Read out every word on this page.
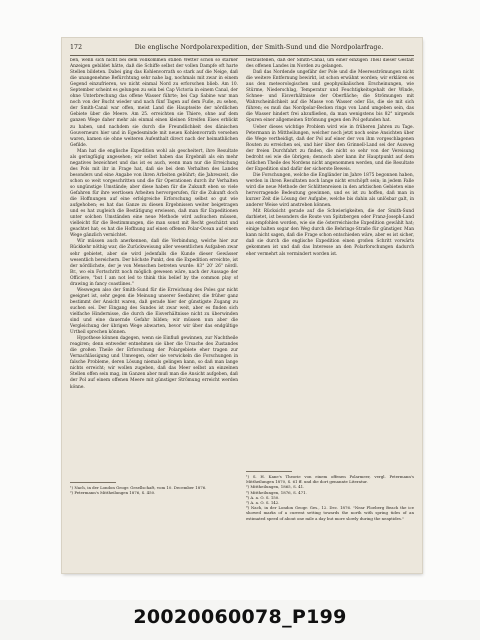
172	Die englische Nordpolarexpedition, der Smith-Sund und die Nordpolarfrage.

ben, wenn sich nicht bei dem vollkommen stillen Wetter schon so starker Anzeigen gebildet hätte, daß die Schiffe selbst der vollen Dampfe oft harte Stellen bildeten. Dabei ging das Kohlenvorrath so stark auf die Neige, daß die unangenehme Befürchtung sehr nahe lag, nochmals mit zwar in einem Gegend einzufrieren, wo nicht einmal Nord zu erforschen blieb. Am 10. September scheint es gelungen zu sein bei Cap Victoria in einem Canal, der ohne Unterbrechung das offene Wasser führte; bei Cap Sabine war man noch von der Bucht wieder und nach fünf Tagen auf dem Fuße, zu sehen, der Smith-Canal war offen, meist Land die Hauptseite der nördlichen Gebiete über die Meere. Am 25. erreichten sie Thiere, ohne auf dem ganzen Wege daher mehr als einmal einen kleinen Streifen Eises erblickt zu haben, und nachdem sie durch die Freundlichkeit des dänischen Gouverneurs hier und in Egedesminde mit neuen Kohlenvorrath versehen waren, kamen sie ohne weiteren Aufenthalt direct nach der heimathlichen Gefilde.

Man hat die englische Expedition wohl als gescheitert, ihre Resultate als geringfügig angesehen; wir selbst haben das Ergebniß als ein mehr negatives bezeichnet und das ist es auch, wenn man nur die Erreichung des Pols mit ihr in Frage hat, daß sie bei dem Verhalten des Landes besonders und eine Angabe von ihren Arbeiten gebührt; die Jahreszeit, die schon so weit vorgeschritten und die für Operationen durch ihr Verhalten so ungünstige Umstände; aber diese haben für die Zukunft eben so viele Gefahren für ihre wertlosen Arbeiten hervorgerufen, für die Zukunft doch die Hoffnungen auf eine erfolgreiche Erforschung selbst so gut wie aufgehoben; es hat das Ganze zu diesen Ergebnissen weiter beigetragen und es hat zugleich die Bestätigung erwiesen, daß man für Expeditionen unter solchen Umständen eine neue Methode wird aufsuchen müssen, vielleicht für die Bestimmungen, die man sonst mit Recht geschätzt und geachtet hat; es hat die Hoffnung auf einen offenen Polar-Ocean auf einem Wege gänzlich vernichtet.

Wir müssen auch anerkennen, daß die Verbindung, welche hier zur Rückkehr nöthig war, die Zurückweisung aller wesentlichen Aufgaben zwar sehr gebietet, aber sie wird jedenfalls die Kunde dieser Gewässer wesentlich bereichern. Der höchste Punkt, den die Expedition erreichte, ist der nördlichste, der je von Menschen betreten wurde: 83° 20' 26" nördl. Br., wo ein Fortschritt noch möglich gewesen wäre, nach der Aussage der Officiere, "but I am not led to think this belief by the common play of drawing in fancy coastlines."

Weswegen also der Smith-Sund für die Erreichung des Poles gar nicht geeignet ist, sehr gegen die Meinung unserer Seefahrer, die früher ganz bestimmt der Ansicht waren, daß gerade hier der günstigste Zugang zu suchen sei. Der Eingang des Sundes ist zwar weit, aber es finden sich vielfache Hindernisse, die durch die Eisverhältnisse nicht zu überwinden sind und eine dauernde Gefahr bilden; wir müssen nun aber die Vergleichung der übrigen Wege abwarten, bevor wir über das endgültige Urtheil sprechen können.

Hypothese können dagegen, wenn sie Einfluß gewinnen, zur Nachtheile reagiren; denn entweder entnehmen sie über die Ursache des Zustandes die großen Theile der Erforschung der Polargebiete eher tragen zur Vernachlässigung und Umwegen, oder sie verwickeln die Forschungen in falsche Probleme, deren Lösung niemals gelingen kann, so daß man lange nichts erreicht; wir wollen zugeben, daß das Meer selbst an einzelnen Stellen offen sein mag, im Ganzen aber muß man die Ansicht aufgeben, daß der Pol auf einem offenen Meere mit günstiger Strömung erreicht werden könne.

¹) Nach, in der London Geogr. Gesellschaft, vom 10. December 1876.

²) Petermann's Mittheilungen 1876, S. 450.

festzustellen, daß der Smith-Canal, um einer einzigen Theil dieser Gestalt des offenen Landes im Norden zu gelangen.

Daß das Nordende ungefähr der Pole und die Meeresströmungen nicht die weitere Entfernung bewirkt, ist schon erwähnt worden; wir erklären es aus den meteorologischen und geophysikalischen Erscheinungen, wie Stürme, Niederschlag, Temperatur und Feuchtigkeitsgehalt der Winde, Schnee- und Eisverhältnisse der Oberfläche; die Strömungen mit Wahrscheinlichkeit auf die Masse von Wasser oder Eis, die sie mit sich führen; es muß das Nordpolar-Becken rings von Land umgeben sein, das die Wasser hindert frei abzufließen, da man wenigstens bis 82° nirgends Spuren einer allgemeinen Strömung gegen den Pol gefunden hat.

Ueber dieses wichtige Problem wird wie in früheren Jahren zu Tage. Petermann in Mittheilungen, welcher noch jetzt noch seine Ansichten über die Wege vertheidigt, daß der Pol auf einer der von ihm vorgeschlagenen Routen zu erreichen sei, und hier über den Grinnell-Land sei der Ausweg der freien Durchfahrt zu finden, die nicht so sehr von der Vereisung bedroht sei wie die übrigen; dennoch aber kann ihr Hauptpunkt auf dem östlichen Theile des Nordens nicht angenommen werden, und die Resultate der Expedition sind dafür der sicherste Beweis.

Die Forschungen, welche die Engländer im Jahre 1875 begonnen haben, werden in ihren Resultaten noch lange nicht erschöpft sein; in jedem Falle wird die neue Methode der Schlittenreisen in den arktischen Gebieten eine hervorragende Bedeutung gewinnen, und es ist zu hoffen, daß man in kurzer Zeit die Lösung der Aufgabe, welche bis dahin als unlösbar galt, in anderer Weise wird anstreben können.

Mit Rücksicht gerade auf die Schwierigkeiten, die der Smith-Sund darbietet, ist besonders die Route von Spitzbergen oder Franz-Joseph-Land aus empfohlen worden, wie sie die österreichische Expedition gewählt hat; einige halten sogar den Weg durch die Behrings-Straße für günstiger. Man kann nicht sagen, daß die Frage schon entschieden wäre, aber es ist sicher, daß sie durch die englische Expedition einen großen Schritt vorwärts gekommen ist und daß das Interesse an den Polarforschungen dadurch eher vermehrt als vermindert worden ist.

¹) S. H. Kane's Theorie von einem offenen Polarmeer, vergl. Petermann's Mittheilungen 1870, S. 61 ff. und die dort genannte Literatur.

²) Mittheilungen, 1865, S. 41.

³) Mittheilungen, 1876, S. 471.

⁴) A. a. O. S. 150.

⁵) A. a. O. S. 142.

⁶) Nach, in der London Geogr. Ges., 12. Dec. 1876. "Near Floeberg Beach the ice showed marks of a current setting towards the north with spring tides of an estimated speed of about one mile a day but more slowly during the neaptides."

20020060078_P199
